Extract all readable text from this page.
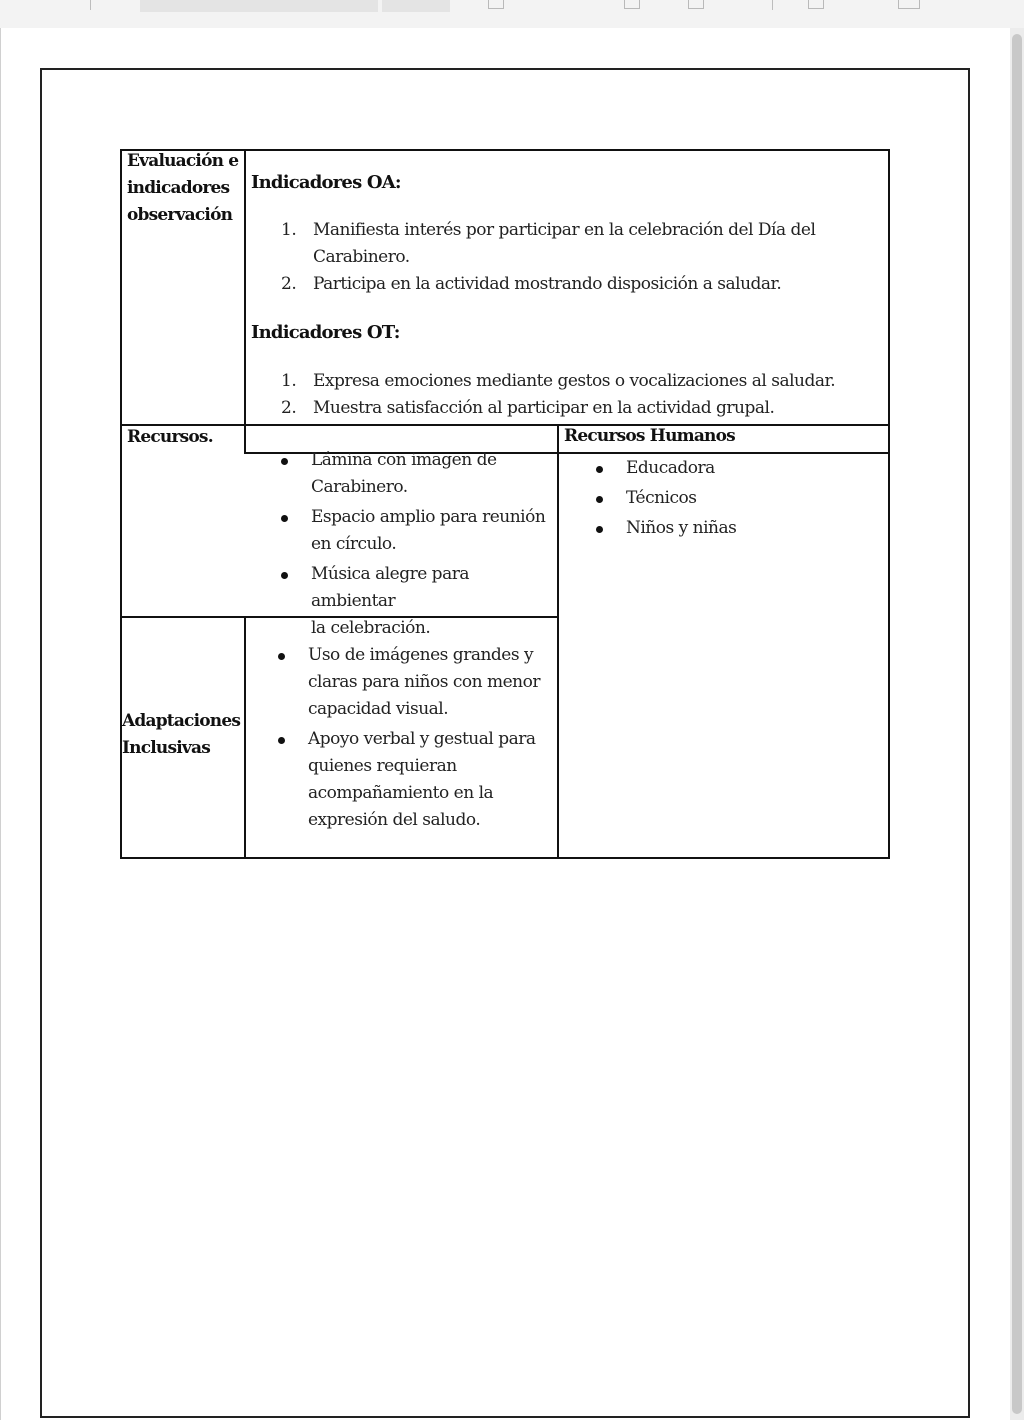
Evaluación e
indicadores
observación
Indicadores OA:
1. Manifiesta interés por participar en la celebración del Día del
Carabinero.
2. Participa en la actividad mostrando disposición a saludar.
Indicadores OT:
1. Expresa emociones mediante gestos o vocalizaciones al saludar.
2. Muestra satisfacción al participar en la actividad grupal.
Recursos.
Lámina con imagen de
Carabinero.
Espacio amplio para reunión
en círculo.
Música alegre para ambientar
la celebración.
Recursos Humanos
Educadora
Técnicos
Niños y niñas
Adaptaciones
Inclusivas
Uso de imágenes grandes y
claras para niños con menor
capacidad visual.
Apoyo verbal y gestual para
quienes requieran
acompañamiento en la
expresión del saludo.
